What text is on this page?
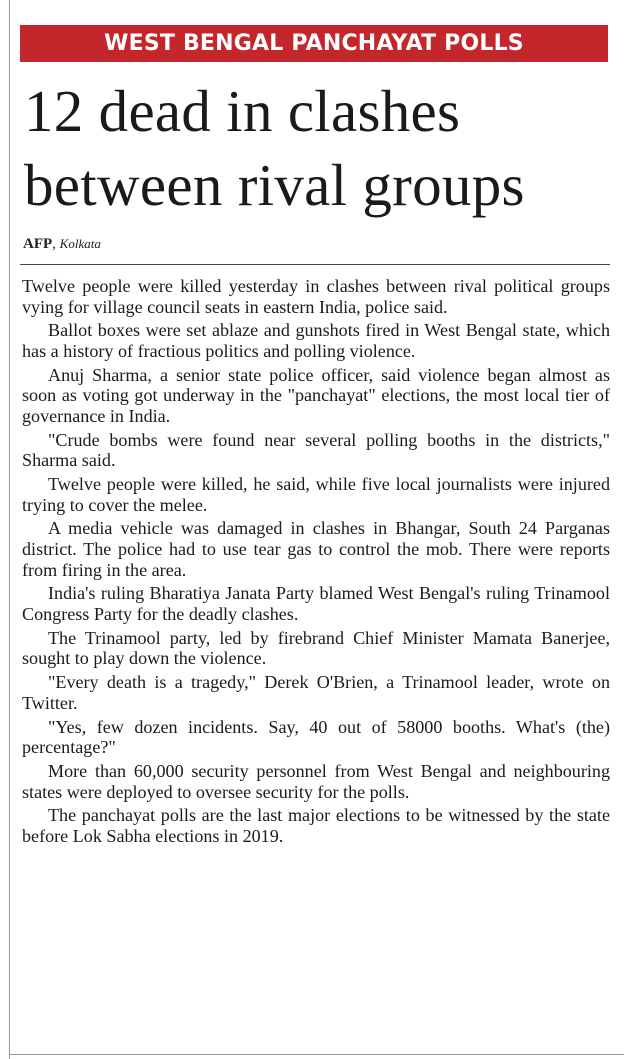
WEST BENGAL PANCHAYAT POLLS
12 dead in clashes between rival groups
AFP, Kolkata

Twelve people were killed yesterday in clashes between rival political groups vying for village council seats in eastern India, police said.

Ballot boxes were set ablaze and gunshots fired in West Bengal state, which has a history of fractious politics and polling violence.

Anuj Sharma, a senior state police officer, said violence began almost as soon as voting got underway in the "panchayat" elections, the most local tier of governance in India.

"Crude bombs were found near several polling booths in the districts," Sharma said.

Twelve people were killed, he said, while five local journalists were injured trying to cover the melee.

A media vehicle was damaged in clashes in Bhangar, South 24 Parganas district. The police had to use tear gas to control the mob. There were reports from firing in the area.

India's ruling Bharatiya Janata Party blamed West Bengal's ruling Trinamool Congress Party for the deadly clashes.

The Trinamool party, led by firebrand Chief Minister Mamata Banerjee, sought to play down the violence.

"Every death is a tragedy," Derek O'Brien, a Trinamool leader, wrote on Twitter.

"Yes, few dozen incidents. Say, 40 out of 58000 booths. What's (the) percentage?"

More than 60,000 security personnel from West Bengal and neighbouring states were deployed to oversee security for the polls.

The panchayat polls are the last major elections to be witnessed by the state before Lok Sabha elections in 2019.
